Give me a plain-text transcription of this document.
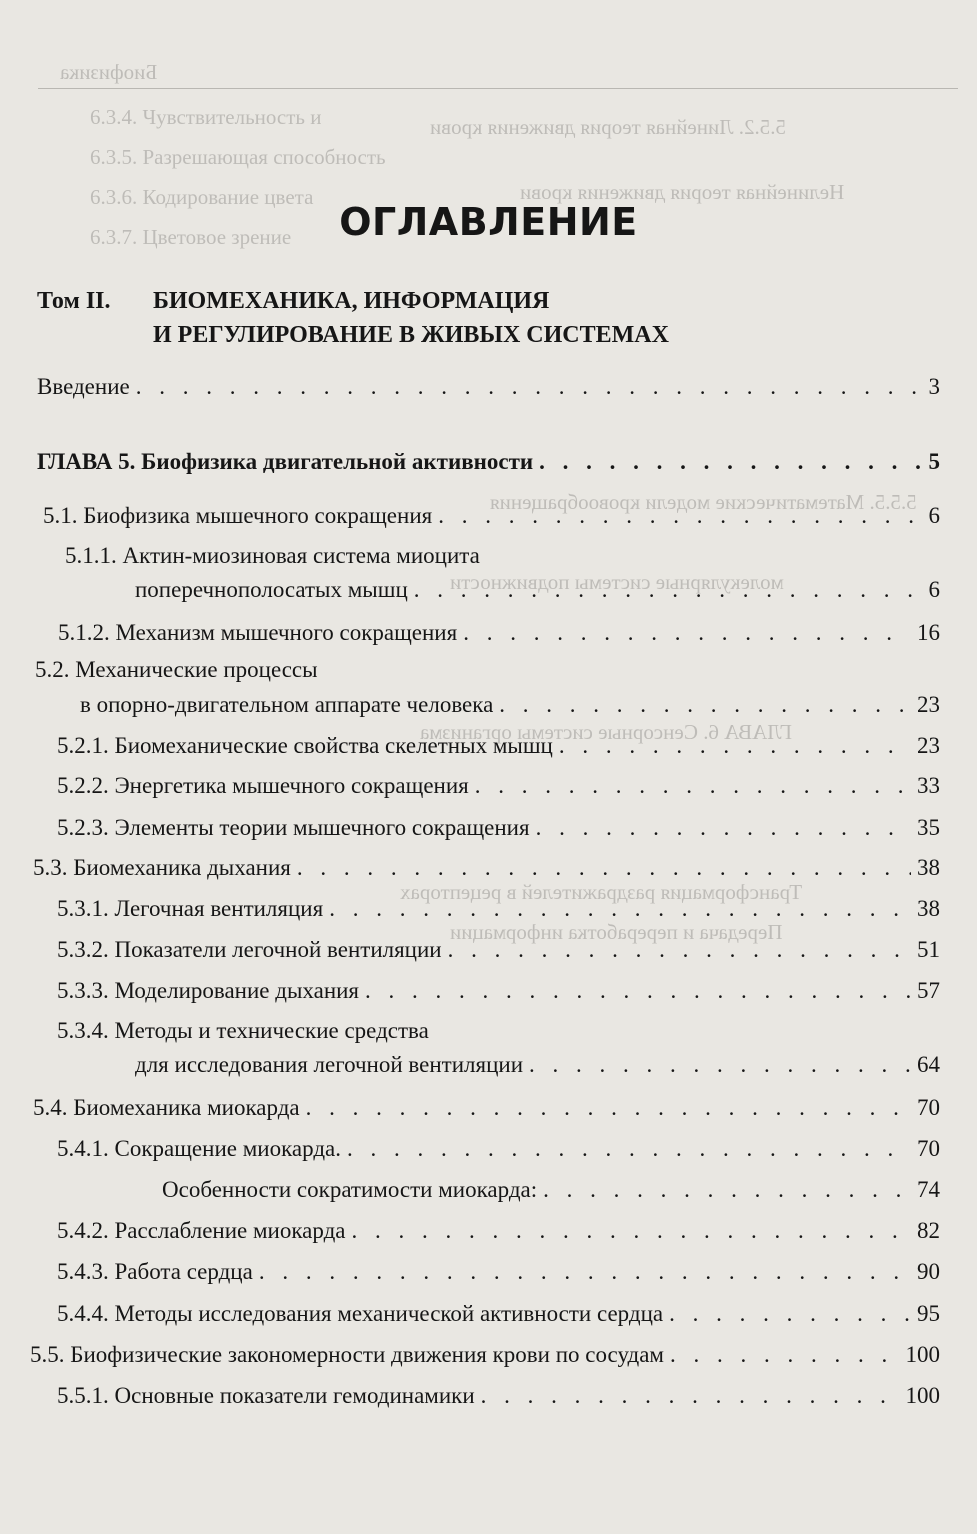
Биофизика
6.3.4. Чувствительность и
6.3.5. Разрешающая способность
6.3.6. Кодирование цвета
6.3.7. Цветовое зрение
5.5.2. Линейная теория движения крови
Нелинейная теория движения крови
5.5.5. Математические модели кровообращения
молекулярные системы подвижности
ГЛАВА 6. Сенсорные системы организма
Трансформация раздражителей в рецепторах
Передача и переработка информации
ОГЛАВЛЕНИЕ
Том II. БИОМЕХАНИКА, ИНФОРМАЦИЯ
И РЕГУЛИРОВАНИЕ В ЖИВЫХ СИСТЕМАХ
Введение . . .	3
ГЛАВА 5. Биофизика двигательной активности . . .	5
5.1. Биофизика мышечного сокращения . . .	6
5.1.1. Актин-миозиновая система миоцита
поперечнополосатых мышц . . .	6
5.1.2. Механизм мышечного сокращения . . .	16
5.2. Механические процессы
в опорно-двигательном аппарате человека . . .	23
5.2.1. Биомеханические свойства скелетных мышц . . .	23
5.2.2. Энергетика мышечного сокращения . . .	33
5.2.3. Элементы теории мышечного сокращения . . .	35
5.3. Биомеханика дыхания . . .	38
5.3.1. Легочная вентиляция . . .	38
5.3.2. Показатели легочной вентиляции . . .	51
5.3.3. Моделирование дыхания . . .	57
5.3.4. Методы и технические средства
для исследования легочной вентиляции . . .	64
5.4. Биомеханика миокарда . . .	70
5.4.1. Сокращение миокарда. . . .	70
Особенности сократимости миокарда: . . .	74
5.4.2. Расслабление миокарда . . .	82
5.4.3. Работа сердца . . .	90
5.4.4. Методы исследования механической активности сердца . . .	95
5.5. Биофизические закономерности движения крови по сосудам . . .	100
5.5.1. Основные показатели гемодинамики . . .	100
